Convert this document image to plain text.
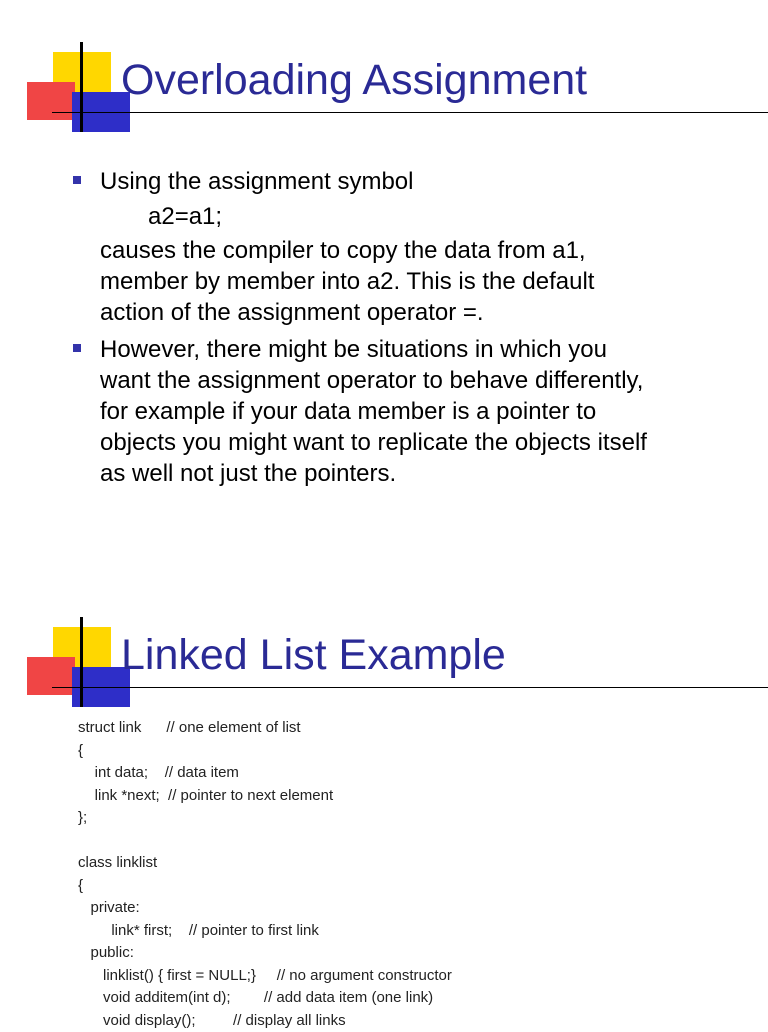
Overloading Assignment
Using the assignment symbol
a2=a1;
causes the compiler to copy the data from a1,
member by member into a2. This is the default
action of the assignment operator =.
However, there might be situations in which you
want the assignment operator to behave differently,
for example if your data member is a pointer to
objects you might want to replicate the objects itself
as well not just the pointers.
Linked List Example
struct link      // one element of list
{
int data;    // data item
link *next;  // pointer to next element
};
class linklist
{
private:
link* first;    // pointer to first link
public:
linklist() { first = NULL;}     // no argument constructor
void additem(int d);        // add data item (one link)
void display();         // display all links
